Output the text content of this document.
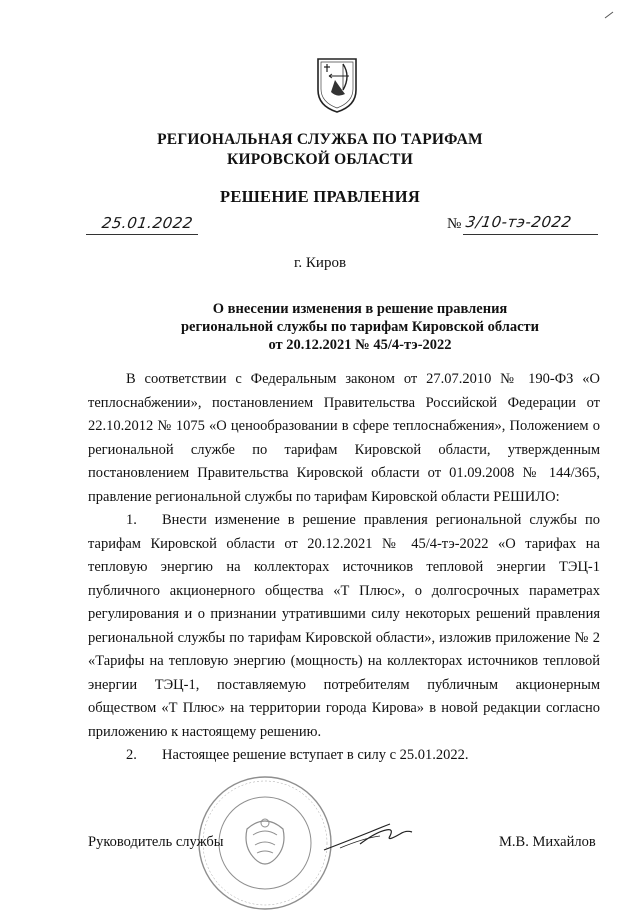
РЕГИОНАЛЬНАЯ СЛУЖБА ПО ТАРИФАМ
КИРОВСКОЙ ОБЛАСТИ
РЕШЕНИЕ ПРАВЛЕНИЯ
25.01.2022	№ 3/10-тэ-2022
г. Киров
О внесении изменения в решение правления
региональной службы по тарифам Кировской области
от 20.12.2021 № 45/4-тэ-2022

В соответствии с Федеральным законом от 27.07.2010 № 190-ФЗ «О теплоснабжении», постановлением Правительства Российской Федерации от 22.10.2012 № 1075 «О ценообразовании в сфере теплоснабжения», Положением о региональной службе по тарифам Кировской области, утвержденным постановлением Правительства Кировской области от 01.09.2008 № 144/365, правление региональной службы по тарифам Кировской области РЕШИЛО:

1. Внести изменение в решение правления региональной службы по тарифам Кировской области от 20.12.2021 № 45/4-тэ-2022 «О тарифах на тепловую энергию на коллекторах источников тепловой энергии ТЭЦ-1 публичного акционерного общества «Т Плюс», о долгосрочных параметрах регулирования и о признании утратившими силу некоторых решений правления региональной службы по тарифам Кировской области», изложив приложение № 2 «Тарифы на тепловую энергию (мощность) на коллекторах источников тепловой энергии ТЭЦ-1, поставляемую потребителям публичным акционерным обществом «Т Плюс» на территории города Кирова» в новой редакции согласно приложению к настоящему решению.

2. Настоящее решение вступает в силу с 25.01.2022.

Руководитель службы	М.В. Михайлов
